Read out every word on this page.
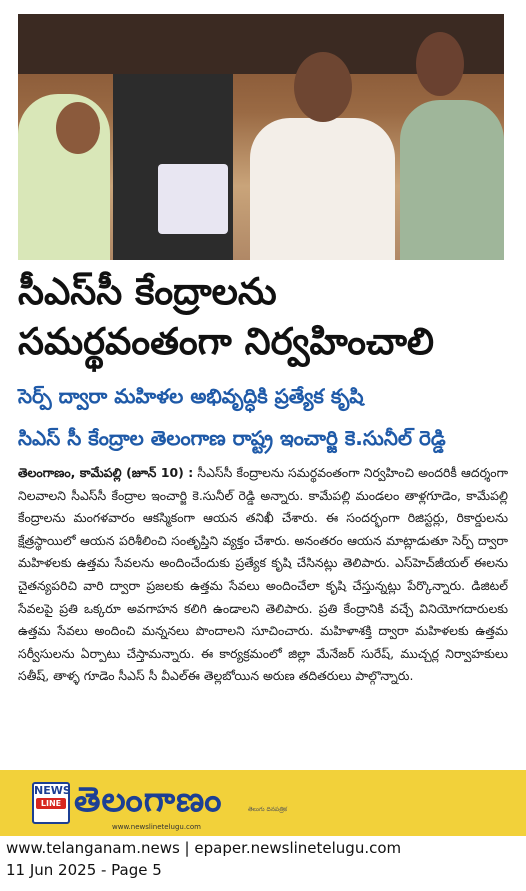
సీఎస్‌సీ కేంద్రాలను
సమర్థవంతంగా నిర్వహించాలి
సెర్ప్ ద్వారా మహిళల అభివృద్ధికి ప్రత్యేక కృషి
సిఎస్ సీ కేంద్రాల తెలంగాణ రాష్ట్ర ఇంచార్జి కె.సునీల్ రెడ్డి
తెలంగాణం, కామేపల్లి (జూన్ 10) : సీఎస్‌సీ కేంద్రాలను సమర్థవంతంగా నిర్వహించి అందరికీ ఆదర్శంగా నిలవాలని సీఎస్‌సీ కేంద్రాల ఇంచార్జి కె.సునీల్ రెడ్డి అన్నారు. కామేపల్లి మండలం తాళ్లగూడెం, కామేపల్లి కేంద్రాలను మంగళవారం ఆకస్మికంగా ఆయన తనిఖీ చేశారు. ఈ సందర్భంగా రిజిస్టర్లు, రికార్డులను క్షేత్రస్థాయిలో ఆయన పరిశీలించి సంతృప్తిని వ్యక్తం చేశారు. అనంతరం ఆయన మాట్లాడుతూ సెర్ప్ ద్వారా మహిళలకు ఉత్తమ సేవలను అందించేందుకు ప్రత్యేక కృషి చేసినట్లు తెలిపారు. ఎస్‌హెచ్‌జీయల్ ఈలను చైతన్యపరిచి వారి ద్వారా ప్రజలకు ఉత్తమ సేవలు అందించేలా కృషి చేస్తున్నట్లు పేర్కొన్నారు. డిజిటల్ సేవలపై ప్రతి ఒక్కరూ అవగాహన కలిగి ఉండాలని తెలిపారు. ప్రతి కేంద్రానికి వచ్చే వినియోగదారులకు ఉత్తమ సేవలు అందించి మన్ననలు పొందాలని సూచించారు. మహిళాశక్తి ద్వారా మహిళలకు ఉత్తమ సర్వీసులను ఏర్పాటు చేస్తామన్నారు. ఈ కార్యక్రమంలో జిల్లా మేనేజర్ సురేష్, ముచ్చర్ల నిర్వాహకులు సతీష్, తాళ్ళ గూడెం సీఎస్ సీ వీఎల్ఈ తెల్లబోయిన అరుణ తదితరులు పాల్గొన్నారు.
NEWS
LINE తెలంగాణం	తెలుగు దినపత్రిక
www.newslinetelugu.com
www.telanganam.news | epaper.newslinetelugu.com
11 Jun 2025 - Page 5
